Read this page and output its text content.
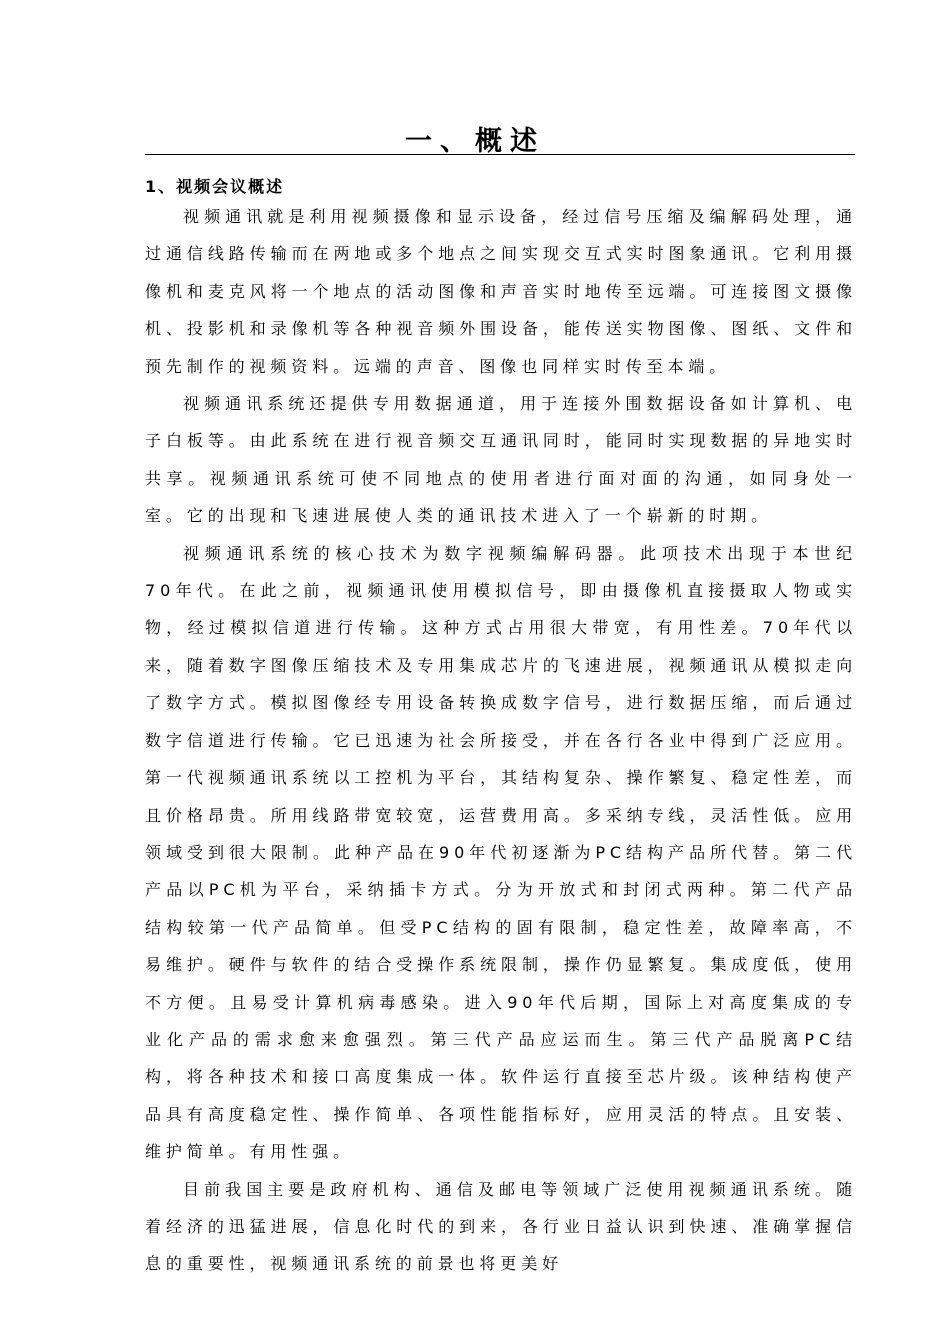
一、概述
1、视频会议概述

视频通讯就是利用视频摄像和显示设备，经过信号压缩及编解码处理，通过通信线路传输而在两地或多个地点之间实现交互式实时图象通讯。它利用摄像机和麦克风将一个地点的活动图像和声音实时地传至远端。可连接图文摄像机、投影机和录像机等各种视音频外围设备，能传送实物图像、图纸、文件和预先制作的视频资料。远端的声音、图像也同样实时传至本端。

视频通讯系统还提供专用数据通道，用于连接外围数据设备如计算机、电子白板等。由此系统在进行视音频交互通讯同时，能同时实现数据的异地实时共享。视频通讯系统可使不同地点的使用者进行面对面的沟通，如同身处一室。它的出现和飞速进展使人类的通讯技术进入了一个崭新的时期。

视频通讯系统的核心技术为数字视频编解码器。此项技术出现于本世纪70年代。在此之前，视频通讯使用模拟信号，即由摄像机直接摄取人物或实物，经过模拟信道进行传输。这种方式占用很大带宽，有用性差。70年代以来，随着数字图像压缩技术及专用集成芯片的飞速进展，视频通讯从模拟走向了数字方式。模拟图像经专用设备转换成数字信号，进行数据压缩，而后通过数字信道进行传输。它已迅速为社会所接受，并在各行各业中得到广泛应用。第一代视频通讯系统以工控机为平台，其结构复杂、操作繁复、稳定性差，而且价格昂贵。所用线路带宽较宽，运营费用高。多采纳专线，灵活性低。应用领域受到很大限制。此种产品在90年代初逐渐为PC结构产品所代替。第二代产品以PC机为平台，采纳插卡方式。分为开放式和封闭式两种。第二代产品结构较第一代产品简单。但受PC结构的固有限制，稳定性差，故障率高，不易维护。硬件与软件的结合受操作系统限制，操作仍显繁复。集成度低，使用不方便。且易受计算机病毒感染。进入90年代后期，国际上对高度集成的专业化产品的需求愈来愈强烈。第三代产品应运而生。第三代产品脱离PC结构，将各种技术和接口高度集成一体。软件运行直接至芯片级。该种结构使产品具有高度稳定性、操作简单、各项性能指标好，应用灵活的特点。且安装、维护简单。有用性强。

目前我国主要是政府机构、通信及邮电等领域广泛使用视频通讯系统。随着经济的迅猛进展，信息化时代的到来，各行业日益认识到快速、准确掌握信息的重要性，视频通讯系统的前景也将更美好
